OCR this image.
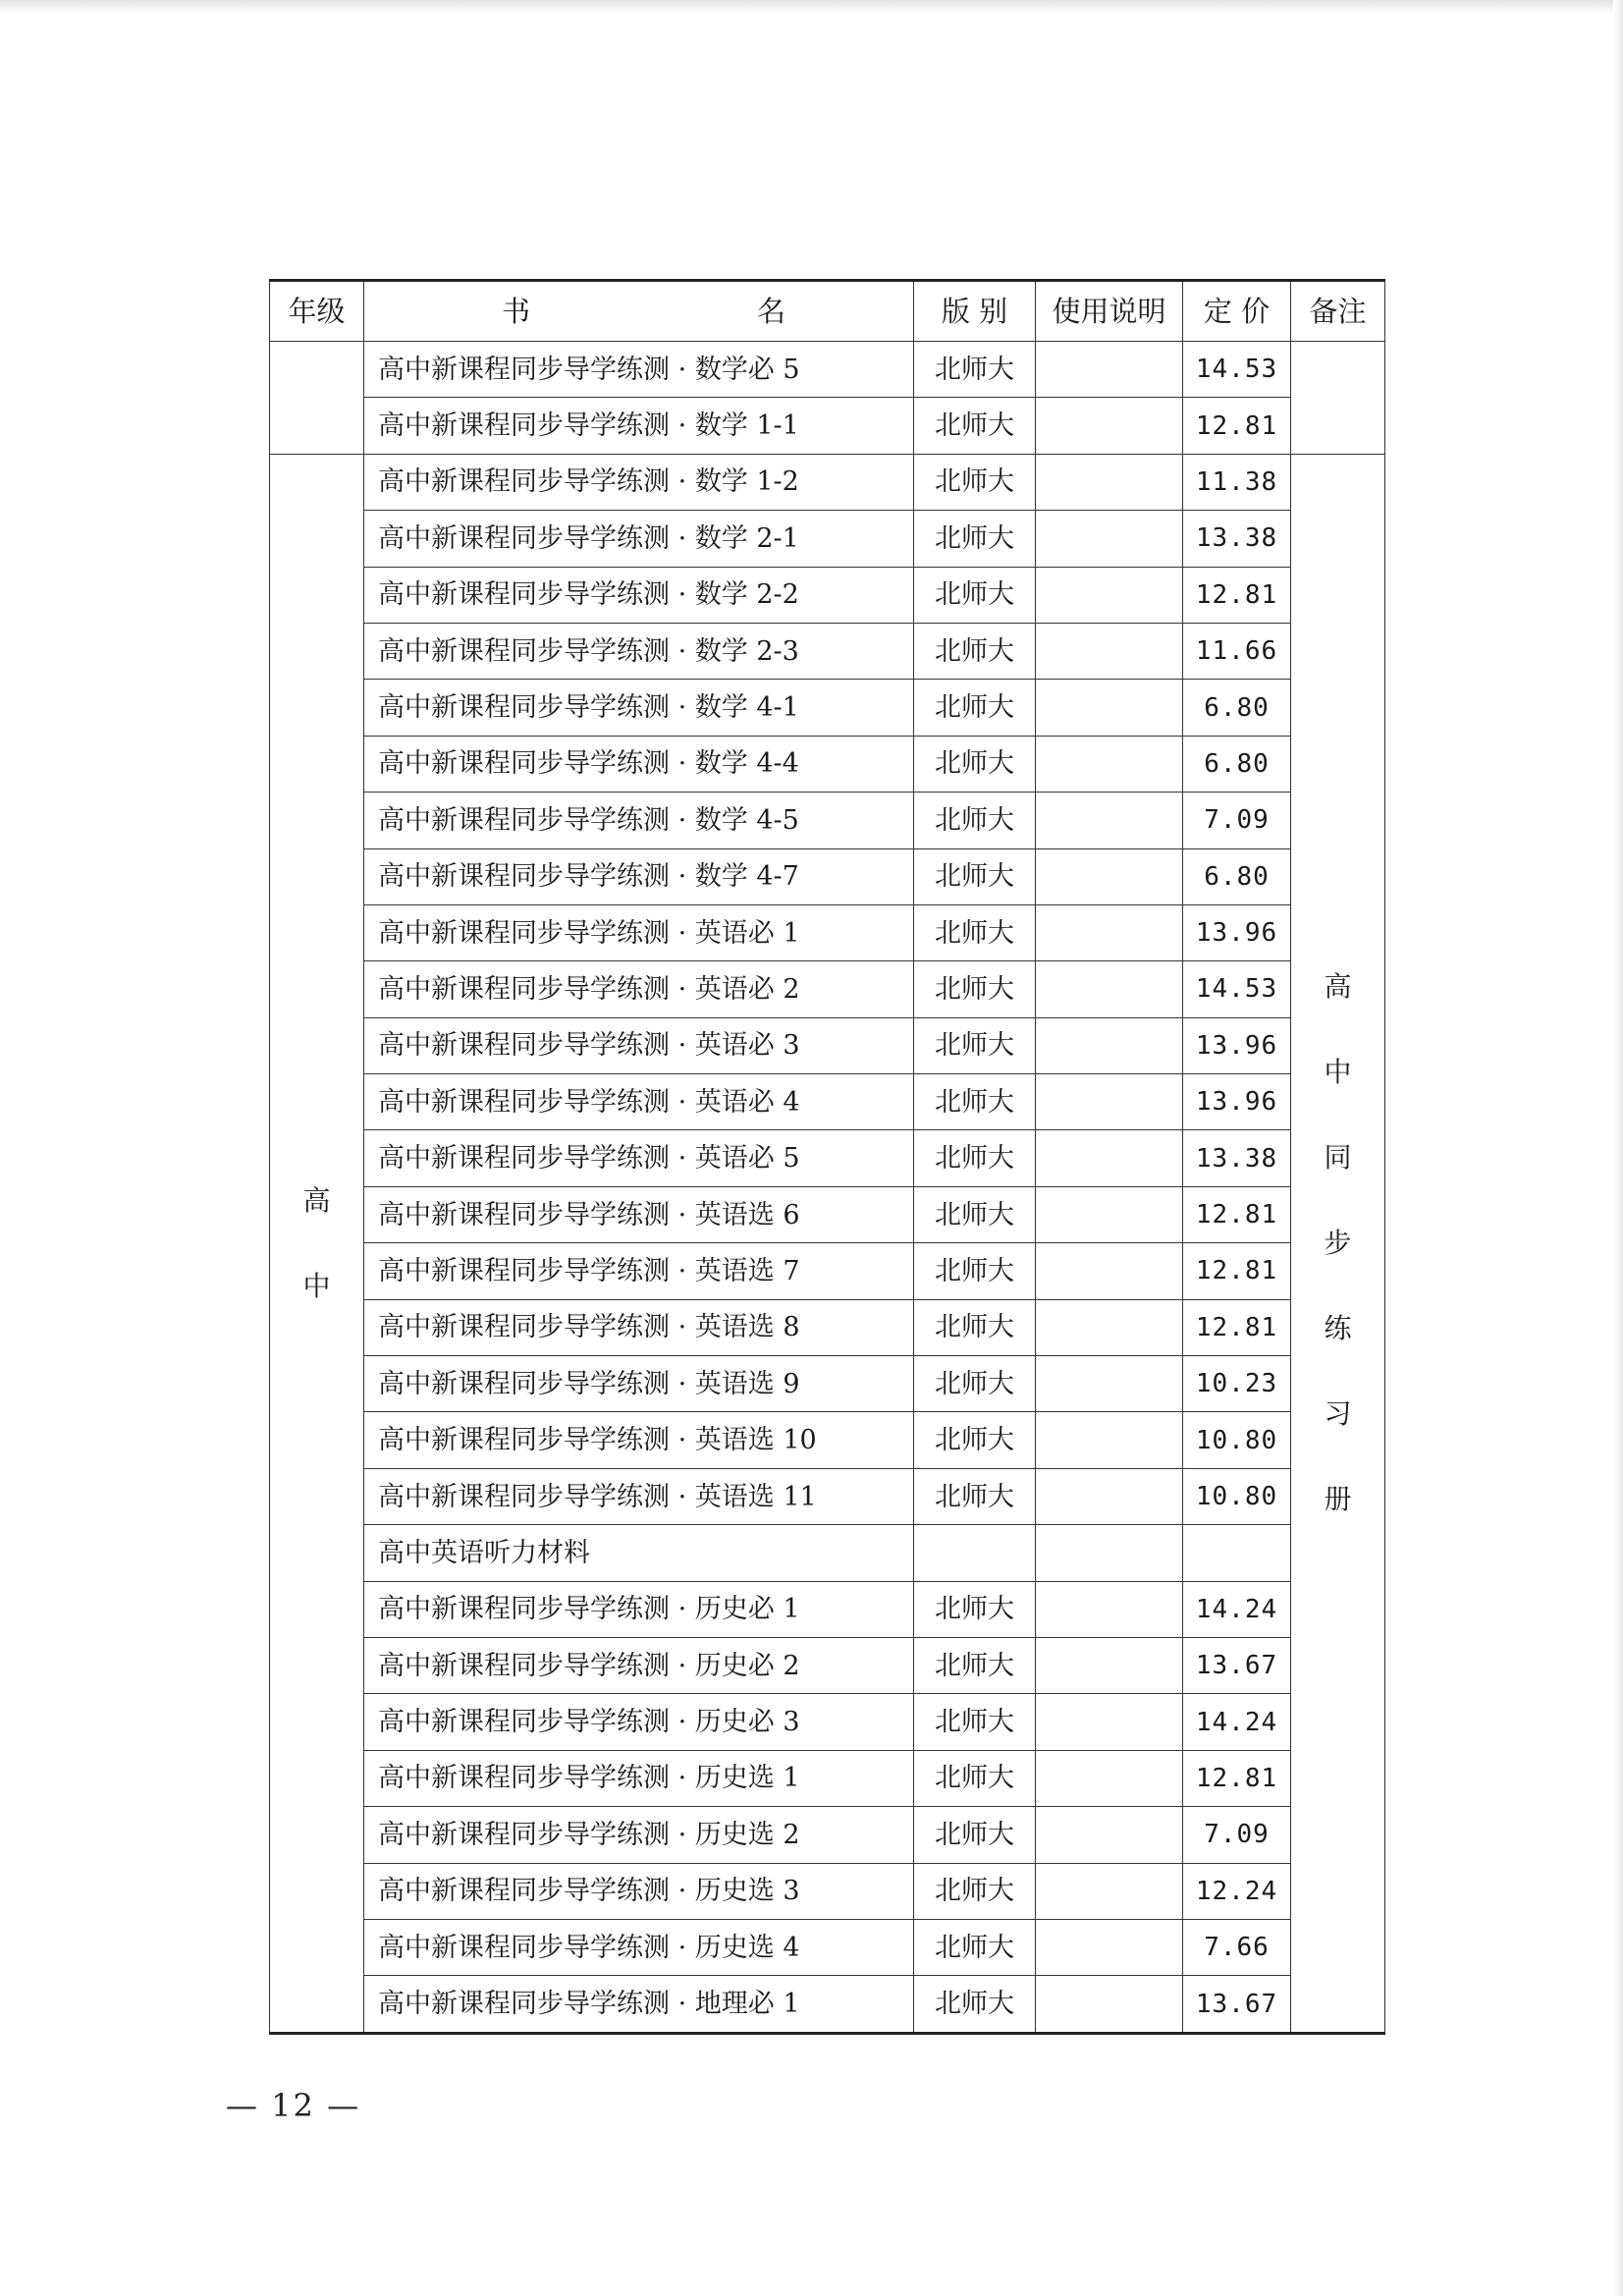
年级	书　　名	版 别	使用说明	定 价	备注
	高中新课程同步导学练测 · 数学必 5	北师大		14.53	
	高中新课程同步导学练测 · 数学 1-1	北师大		12.81	
高中	高中新课程同步导学练测 · 数学 1-2	北师大		11.38	高中同步练习册
	高中新课程同步导学练测 · 数学 2-1	北师大		13.38	
	高中新课程同步导学练测 · 数学 2-2	北师大		12.81	
	高中新课程同步导学练测 · 数学 2-3	北师大		11.66	
	高中新课程同步导学练测 · 数学 4-1	北师大		6.80	
	高中新课程同步导学练测 · 数学 4-4	北师大		6.80	
	高中新课程同步导学练测 · 数学 4-5	北师大		7.09	
	高中新课程同步导学练测 · 数学 4-7	北师大		6.80	
	高中新课程同步导学练测 · 英语必 1	北师大		13.96	
	高中新课程同步导学练测 · 英语必 2	北师大		14.53	
	高中新课程同步导学练测 · 英语必 3	北师大		13.96	
	高中新课程同步导学练测 · 英语必 4	北师大		13.96	
	高中新课程同步导学练测 · 英语必 5	北师大		13.38	
	高中新课程同步导学练测 · 英语选 6	北师大		12.81	
	高中新课程同步导学练测 · 英语选 7	北师大		12.81	
	高中新课程同步导学练测 · 英语选 8	北师大		12.81	
	高中新课程同步导学练测 · 英语选 9	北师大		10.23	
	高中新课程同步导学练测 · 英语选 10	北师大		10.80	
	高中新课程同步导学练测 · 英语选 11	北师大		10.80	
	高中英语听力材料				
	高中新课程同步导学练测 · 历史必 1	北师大		14.24	
	高中新课程同步导学练测 · 历史必 2	北师大		13.67	
	高中新课程同步导学练测 · 历史必 3	北师大		14.24	
	高中新课程同步导学练测 · 历史选 1	北师大		12.81	
	高中新课程同步导学练测 · 历史选 2	北师大		7.09	
	高中新课程同步导学练测 · 历史选 3	北师大		12.24	
	高中新课程同步导学练测 · 历史选 4	北师大		7.66	
	高中新课程同步导学练测 · 地理必 1	北师大		13.67	
— 12 —
